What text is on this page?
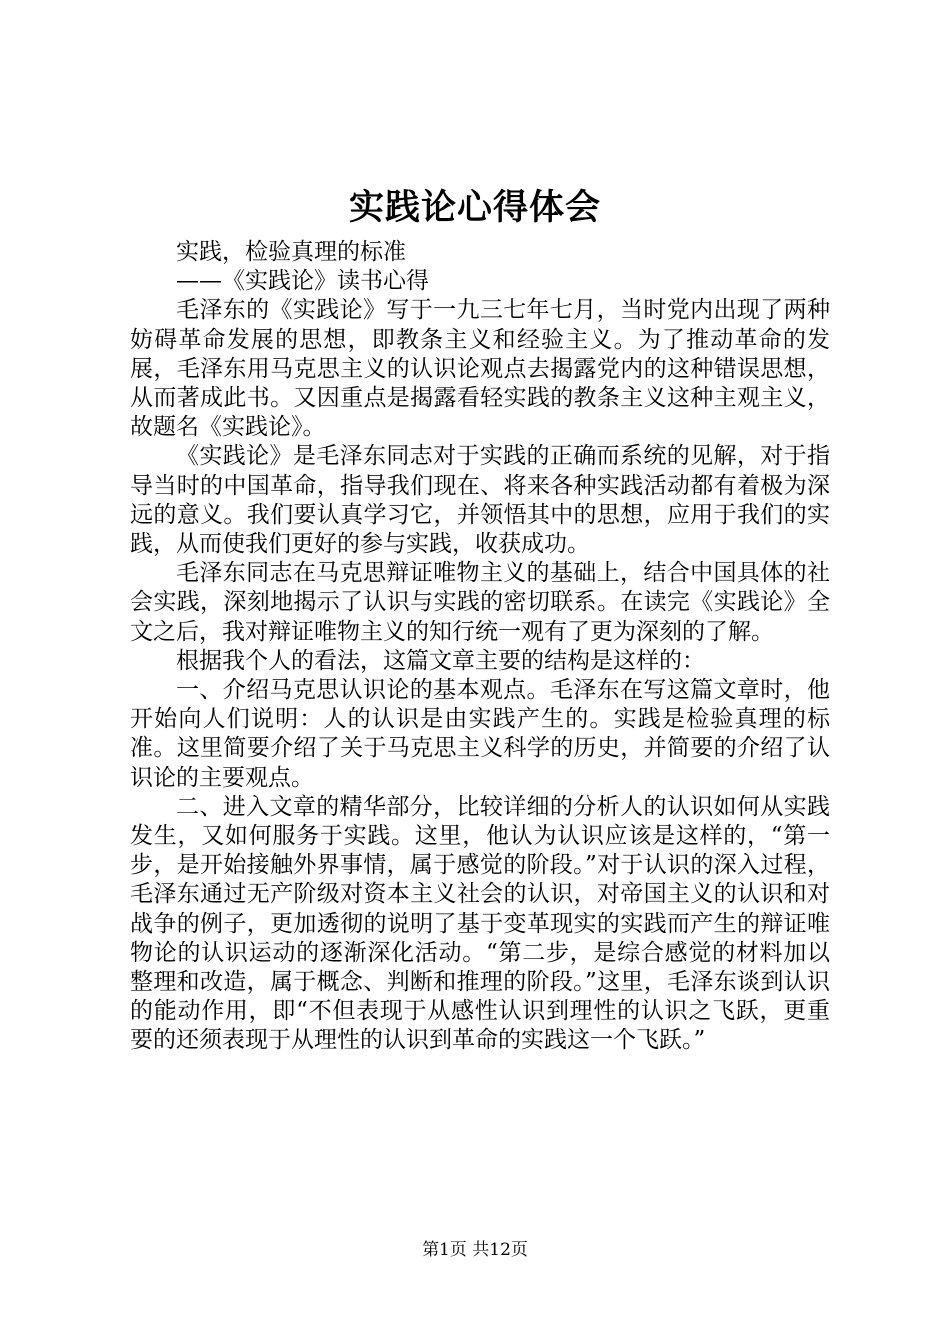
实践论心得体会

实践，检验真理的标准

——《实践论》读书心得

毛泽东的《实践论》写于一九三七年七月，当时党内出现了两种妨碍革命发展的思想，即教条主义和经验主义。为了推动革命的发展，毛泽东用马克思主义的认识论观点去揭露党内的这种错误思想，从而著成此书。又因重点是揭露看轻实践的教条主义这种主观主义，故题名《实践论》。

《实践论》是毛泽东同志对于实践的正确而系统的见解，对于指导当时的中国革命，指导我们现在、将来各种实践活动都有着极为深远的意义。我们要认真学习它，并领悟其中的思想，应用于我们的实践，从而使我们更好的参与实践，收获成功。

毛泽东同志在马克思辩证唯物主义的基础上，结合中国具体的社会实践，深刻地揭示了认识与实践的密切联系。在读完《实践论》全文之后，我对辩证唯物主义的知行统一观有了更为深刻的了解。

根据我个人的看法，这篇文章主要的结构是这样的：

一、介绍马克思认识论的基本观点。毛泽东在写这篇文章时，他开始向人们说明：人的认识是由实践产生的。实践是检验真理的标准。这里简要介绍了关于马克思主义科学的历史，并简要的介绍了认识论的主要观点。

二、进入文章的精华部分，比较详细的分析人的认识如何从实践发生，又如何服务于实践。这里，他认为认识应该是这样的，“第一步，是开始接触外界事情，属于感觉的阶段。”对于认识的深入过程，毛泽东通过无产阶级对资本主义社会的认识，对帝国主义的认识和对战争的例子，更加透彻的说明了基于变革现实的实践而产生的辩证唯物论的认识运动的逐渐深化活动。“第二步，是综合感觉的材料加以整理和改造，属于概念、判断和推理的阶段。”这里，毛泽东谈到认识的能动作用，即“不但表现于从感性认识到理性的认识之飞跃，更重要的还须表现于从理性的认识到革命的实践这一个飞跃。”

第1页 共12页
